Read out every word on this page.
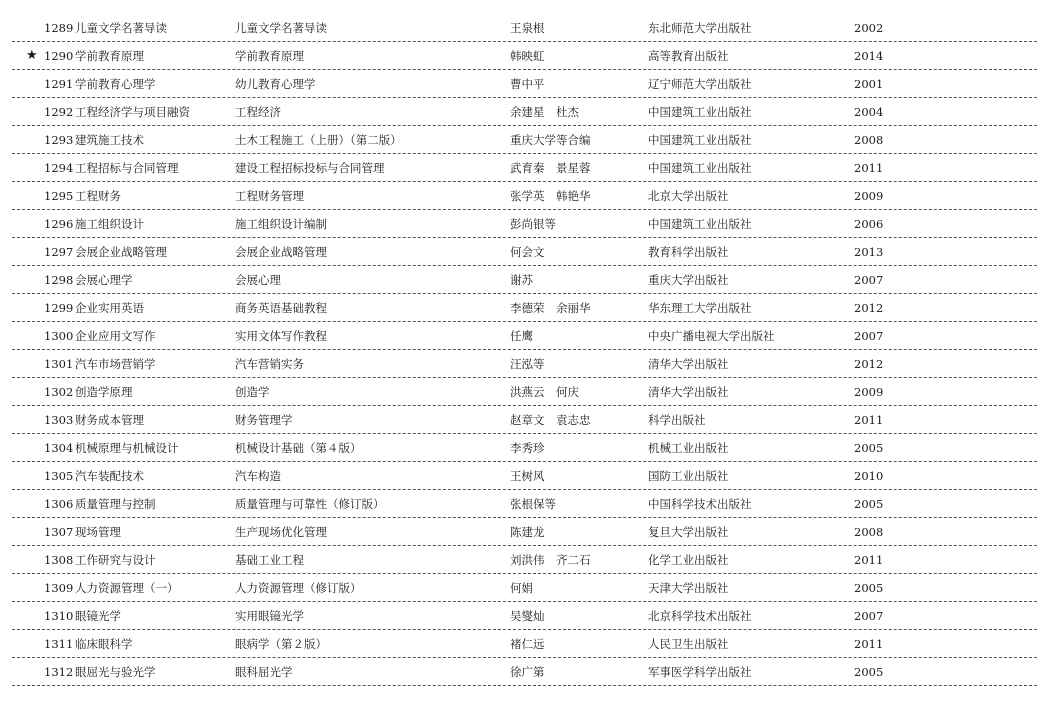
1289 儿童文学名著导读	儿童文学名著导读	王泉根	东北师范大学出版社	2002
★ 1290 学前教育原理	学前教育原理	韩映虹	高等教育出版社	2014
1291 学前教育心理学	幼儿教育心理学	曹中平	辽宁师范大学出版社	2001
1292 工程经济学与项目融资	工程经济	余建星　杜杰	中国建筑工业出版社	2004
1293 建筑施工技术	土木工程施工（上册）（第二版）	重庆大学等合编	中国建筑工业出版社	2008
1294 工程招标与合同管理	建设工程招标投标与合同管理	武育秦　景星蓉	中国建筑工业出版社	2011
1295 工程财务	工程财务管理	张学英　韩艳华	北京大学出版社	2009
1296 施工组织设计	施工组织设计编制	彭尚银等	中国建筑工业出版社	2006
1297 会展企业战略管理	会展企业战略管理	何会文	教育科学出版社	2013
1298 会展心理学	会展心理	谢苏	重庆大学出版社	2007
1299 企业实用英语	商务英语基础教程	李德荣　余丽华	华东理工大学出版社	2012
1300 企业应用文写作	实用文体写作教程	任鹰	中央广播电视大学出版社	2007
1301 汽车市场营销学	汽车营销实务	汪泓等	清华大学出版社	2012
1302 创造学原理	创造学	洪燕云　何庆	清华大学出版社	2009
1303 财务成本管理	财务管理学	赵章文　袁志忠	科学出版社	2011
1304 机械原理与机械设计	机械设计基础（第４版）	李秀珍	机械工业出版社	2005
1305 汽车装配技术	汽车构造	王树风	国防工业出版社	2010
1306 质量管理与控制	质量管理与可靠性（修订版）	张根保等	中国科学技术出版社	2005
1307 现场管理	生产现场优化管理	陈建龙	复旦大学出版社	2008
1308 工作研究与设计	基础工业工程	刘洪伟　齐二石	化学工业出版社	2011
1309 人力资源管理（一）	人力资源管理（修订版）	何娟	天津大学出版社	2005
1310 眼镜光学	实用眼镜光学	吴燮灿	北京科学技术出版社	2007
1311 临床眼科学	眼病学（第２版）	褚仁远	人民卫生出版社	2011
1312 眼屈光与验光学	眼科屈光学	徐广第	军事医学科学出版社	2005
